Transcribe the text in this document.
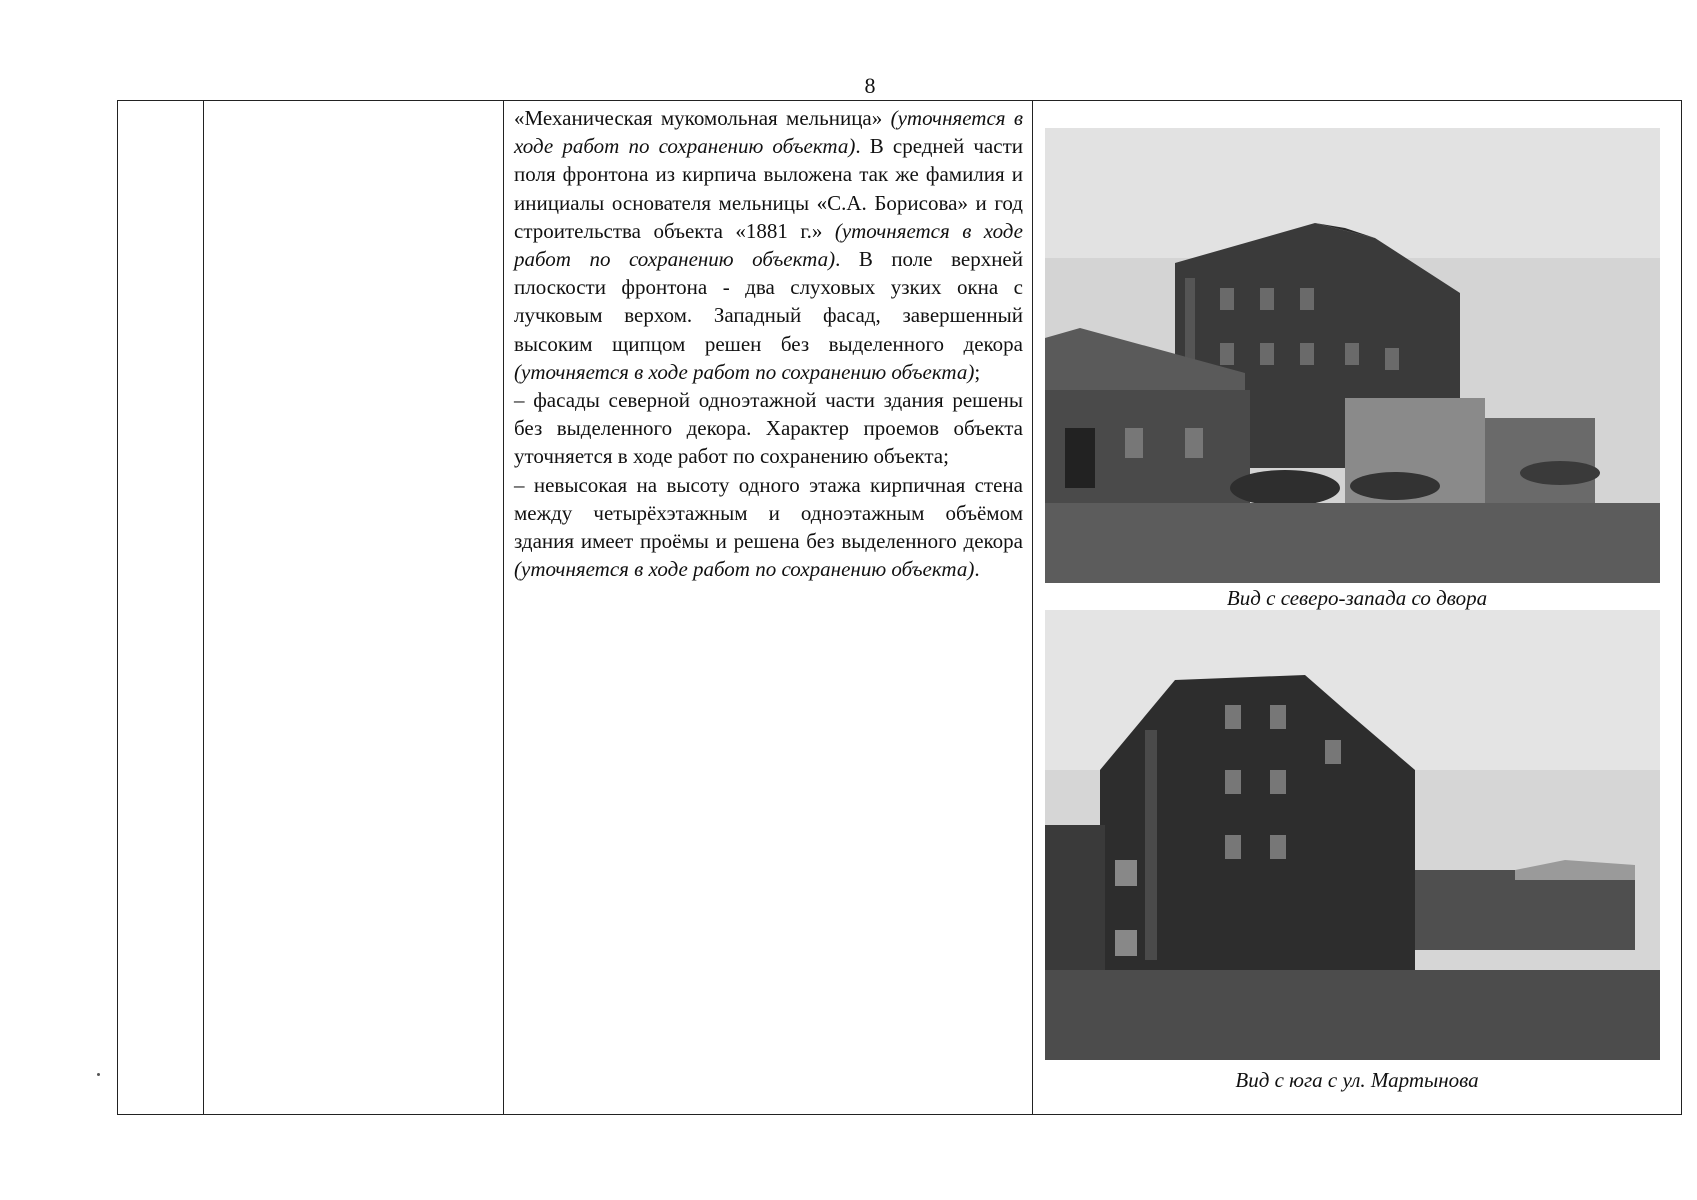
8

«Механическая мукомольная мельница» (уточняется в ходе работ по сохранению объекта). В средней части поля фронтона из кирпича выложена так же фамилия и инициалы основателя мельницы «С.А. Борисова» и год строительства объекта «1881 г.» (уточняется в ходе работ по сохранению объекта). В поле верхней плоскости фронтона - два слуховых узких окна с лучковым верхом. Западный фасад, завершенный высоким щипцом решен без выделенного декора (уточняется в ходе работ по сохранению объекта);

– фасады северной одноэтажной части здания решены без выделенного декора. Характер проемов объекта уточняется в ходе работ по сохранению объекта;

– невысокая на высоту одного этажа кирпичная стена между четырёхэтажным и одноэтажным объёмом здания имеет проёмы и решена без выделенного декора (уточняется в ходе работ по сохранению объекта).

Вид с северо-запада со двора
Вид с юга с ул. Мартынова
